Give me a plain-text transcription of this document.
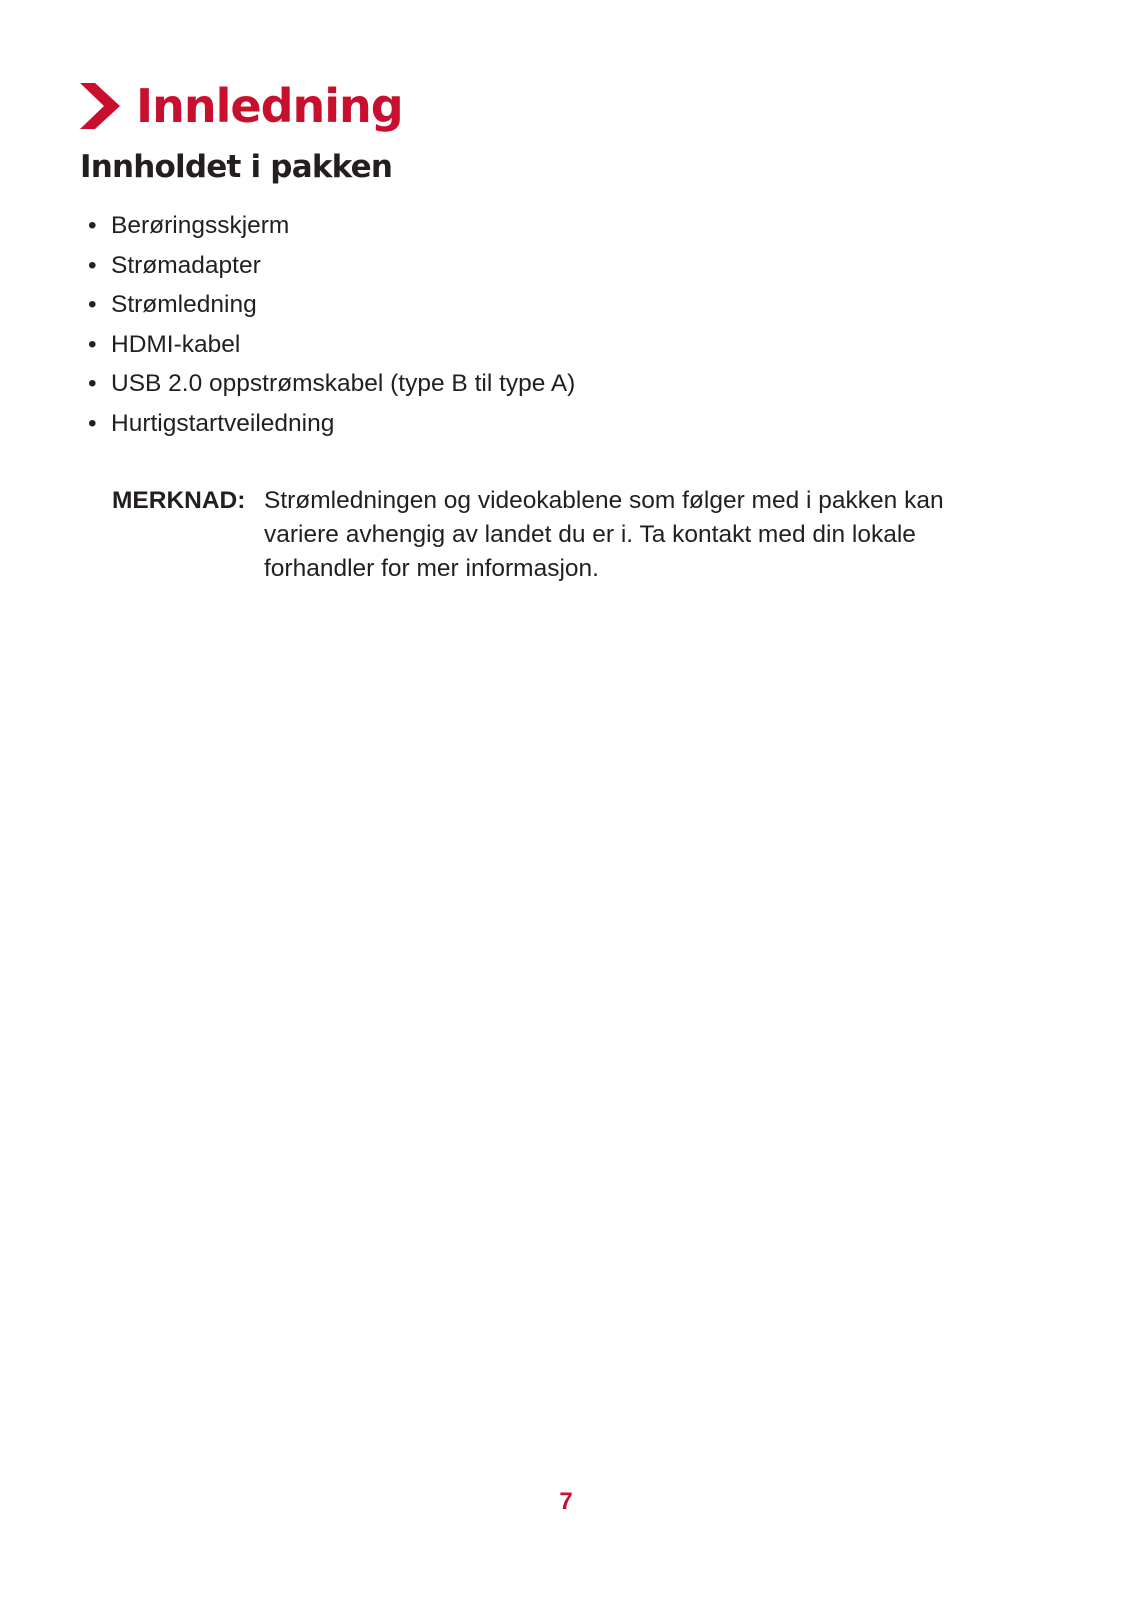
Innledning
Innholdet i pakken
• Berøringsskjerm
• Strømadapter
• Strømledning
• HDMI-kabel
• USB 2.0 oppstrømskabel (type B til type A)
• Hurtigstartveiledning
MERKNAD: Strømledningen og videokablene som følger med i pakken kan variere avhengig av landet du er i. Ta kontakt med din lokale forhandler for mer informasjon.
7
